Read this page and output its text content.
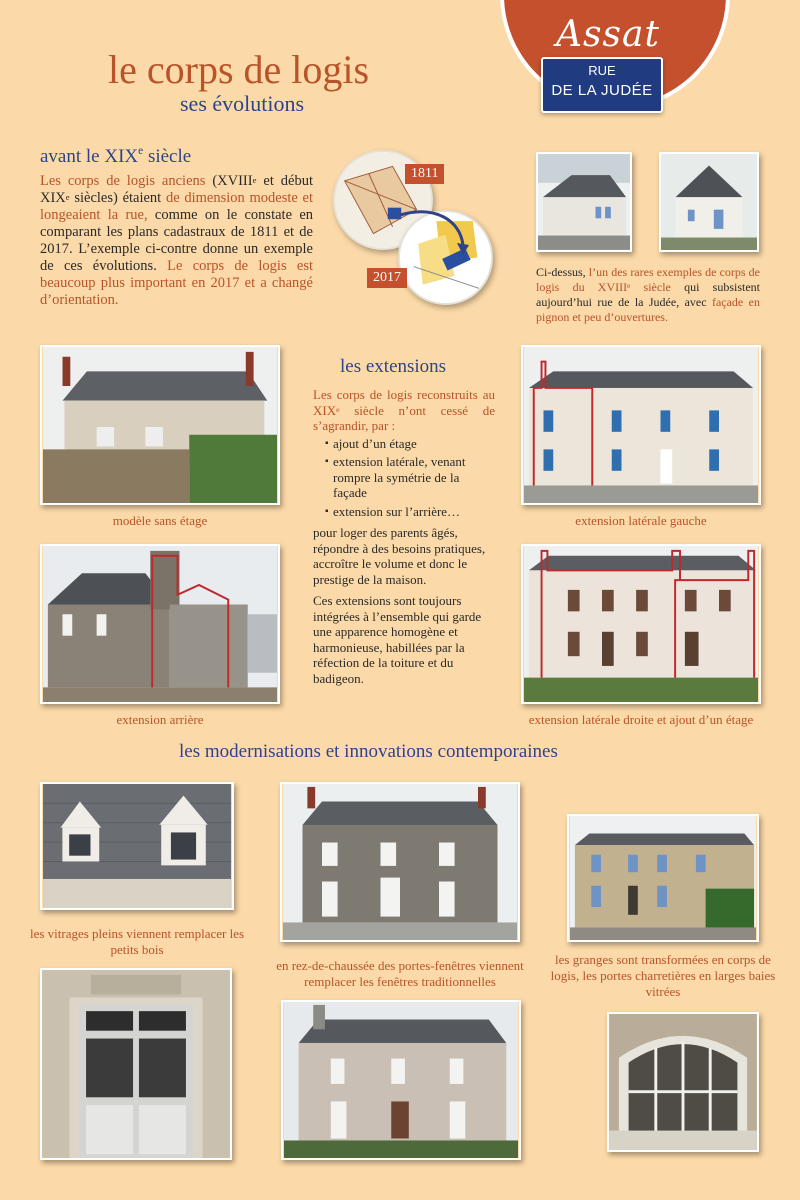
Assat
RUE
DE LA JUDÉE
le corps de logis
ses évolutions
avant le XIXe siècle
Les corps de logis anciens (XVIIIe et début XIXe siècles) étaient de dimension modeste et longeaient la rue, comme on le constate en comparant les plans cadastraux de 1811 et de 2017. L’exemple ci-contre donne un exemple de ces évolutions. Le corps de logis est beaucoup plus important en 2017 et a changé d’orientation.
1811
2017	Ci-dessus, l’un des rares exemples de corps de logis du XVIIIe siècle qui subsistent aujourd’hui rue de la Judée, avec façade en pignon et peu d’ouvertures.
modèle sans étage	extension latérale gauche
extension arrière	extension latérale droite et ajout d’un étage
les extensions
Les corps de logis reconstruits au XIXe siècle n’ont cessé de s’agrandir, par :
▪ ajout d’un étage
▪ extension latérale, venant rompre la symétrie de la façade
▪ extension sur l’arrière…

pour loger des parents âgés, répondre à des besoins pratiques, accroître le volume et donc le prestige de la maison.

Ces extensions sont toujours intégrées à l’ensemble qui garde une apparence homogène et harmonieuse, habillées par la réfection de la toiture et du badigeon.

les modernisations et innovations contemporaines
les vitrages pleins viennent remplacer les petits bois
en rez-de-chaussée des portes-fenêtres viennent remplacer les fenêtres traditionnelles
les granges sont transformées en corps de logis, les portes charretières en larges baies vitrées
